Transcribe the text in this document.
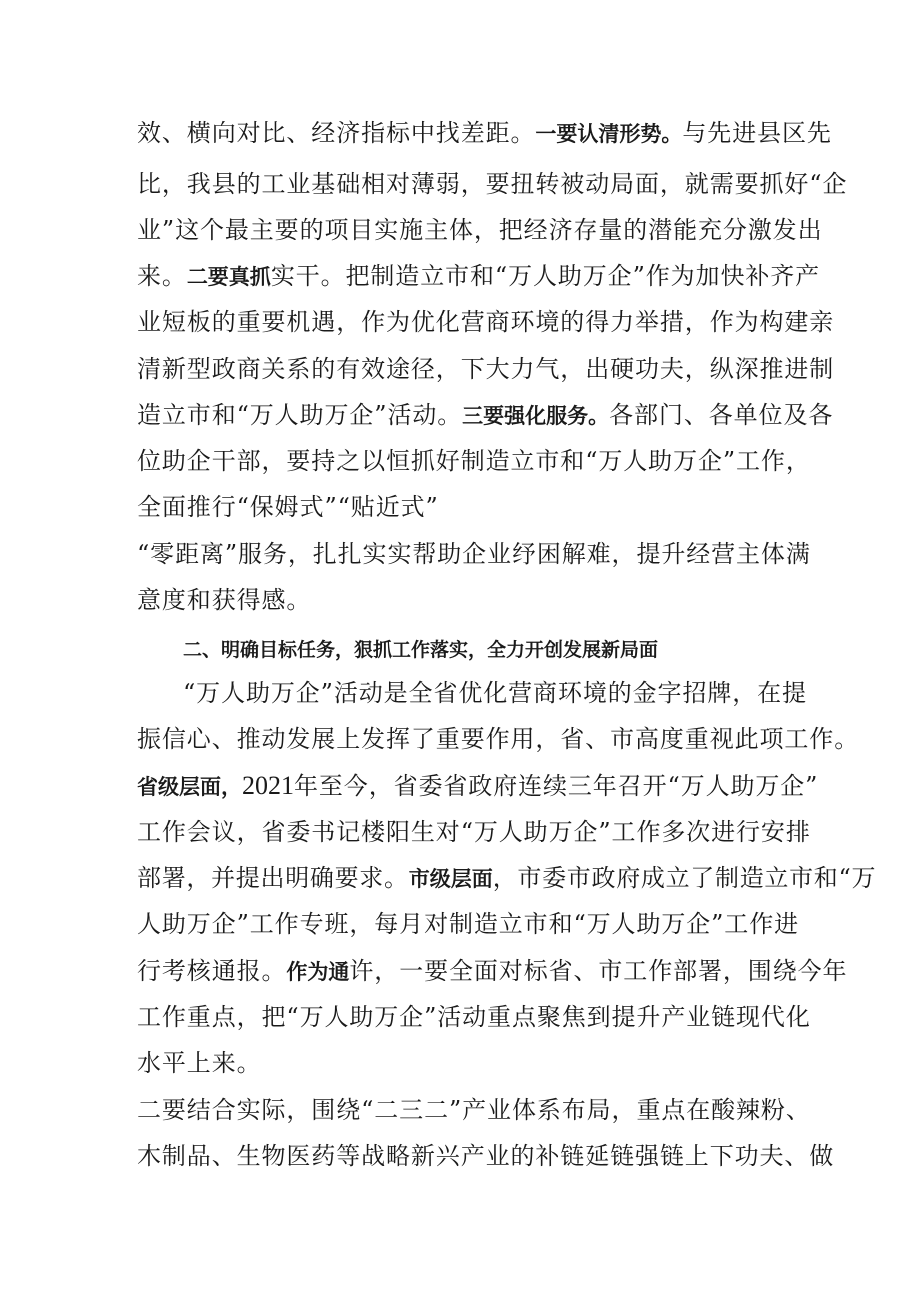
效、横向对比、经济指标中找差距。一要认清形势。与先进县区先
比，我县的工业基础相对薄弱，要扭转被动局面，就需要抓好“企
业”这个最主要的项目实施主体，把经济存量的潜能充分激发出
来。二要真抓实干。把制造立市和“万人助万企”作为加快补齐产
业短板的重要机遇，作为优化营商环境的得力举措，作为构建亲
清新型政商关系的有效途径，下大力气，出硬功夫，纵深推进制
造立市和“万人助万企”活动。三要强化服务。各部门、各单位及各
位助企干部，要持之以恒抓好制造立市和“万人助万企”工作，
全面推行“保姆式”“贴近式”
“零距离”服务，扎扎实实帮助企业纾困解难，提升经营主体满
意度和获得感。
二、明确目标任务，狠抓工作落实，全力开创发展新局面
“万人助万企”活动是全省优化营商环境的金字招牌，在提
振信心、推动发展上发挥了重要作用，省、市高度重视此项工作。
省级层面，2021年至今，省委省政府连续三年召开“万人助万企”
工作会议，省委书记楼阳生对“万人助万企”工作多次进行安排
部署，并提出明确要求。市级层面，市委市政府成立了制造立市和“万
人助万企”工作专班，每月对制造立市和“万人助万企”工作进
行考核通报。作为通许，一要全面对标省、市工作部署，围绕今年
工作重点，把“万人助万企”活动重点聚焦到提升产业链现代化
水平上来。
二要结合实际，围绕“二三二”产业体系布局，重点在酸辣粉、
木制品、生物医药等战略新兴产业的补链延链强链上下功夫、做
